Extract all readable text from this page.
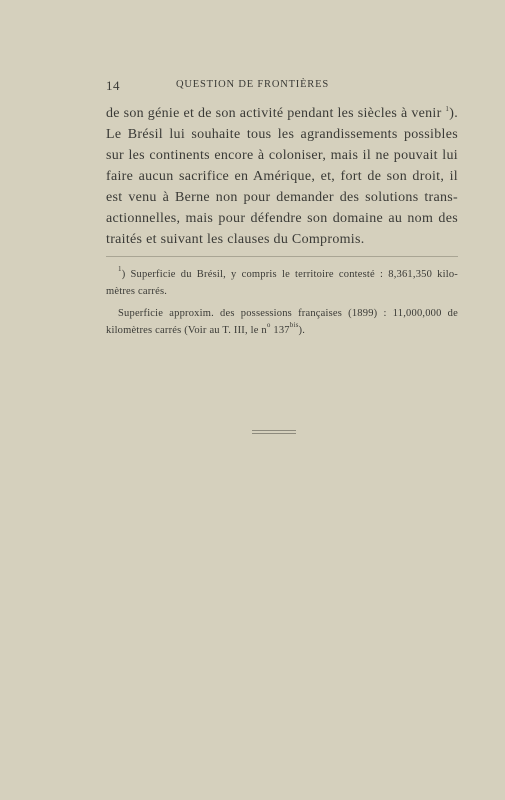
14	QUESTION DE FRONTIÈRES
de son génie et de son activité pendant les siècles à venir $^1$).
Le Brésil lui souhaite tous les agrandissements possibles
sur les continents encore à coloniser, mais il ne pouvait lui
faire aucun sacrifice en Amérique, et, fort de son droit, il
est venu à Berne non pour demander des solutions trans-
actionnelles, mais pour défendre son domaine au nom des
traités et suivant les clauses du Compromis.
$^1$) Superficie du Brésil, y compris le territoire contesté : 8,361,350 kilo-
mètres carrés.
Superficie approxim. des possessions françaises (1899) : 11,000,000 de
kilomètres carrés (Voir au T. III, le $n^o$ $137^{bis}$).
